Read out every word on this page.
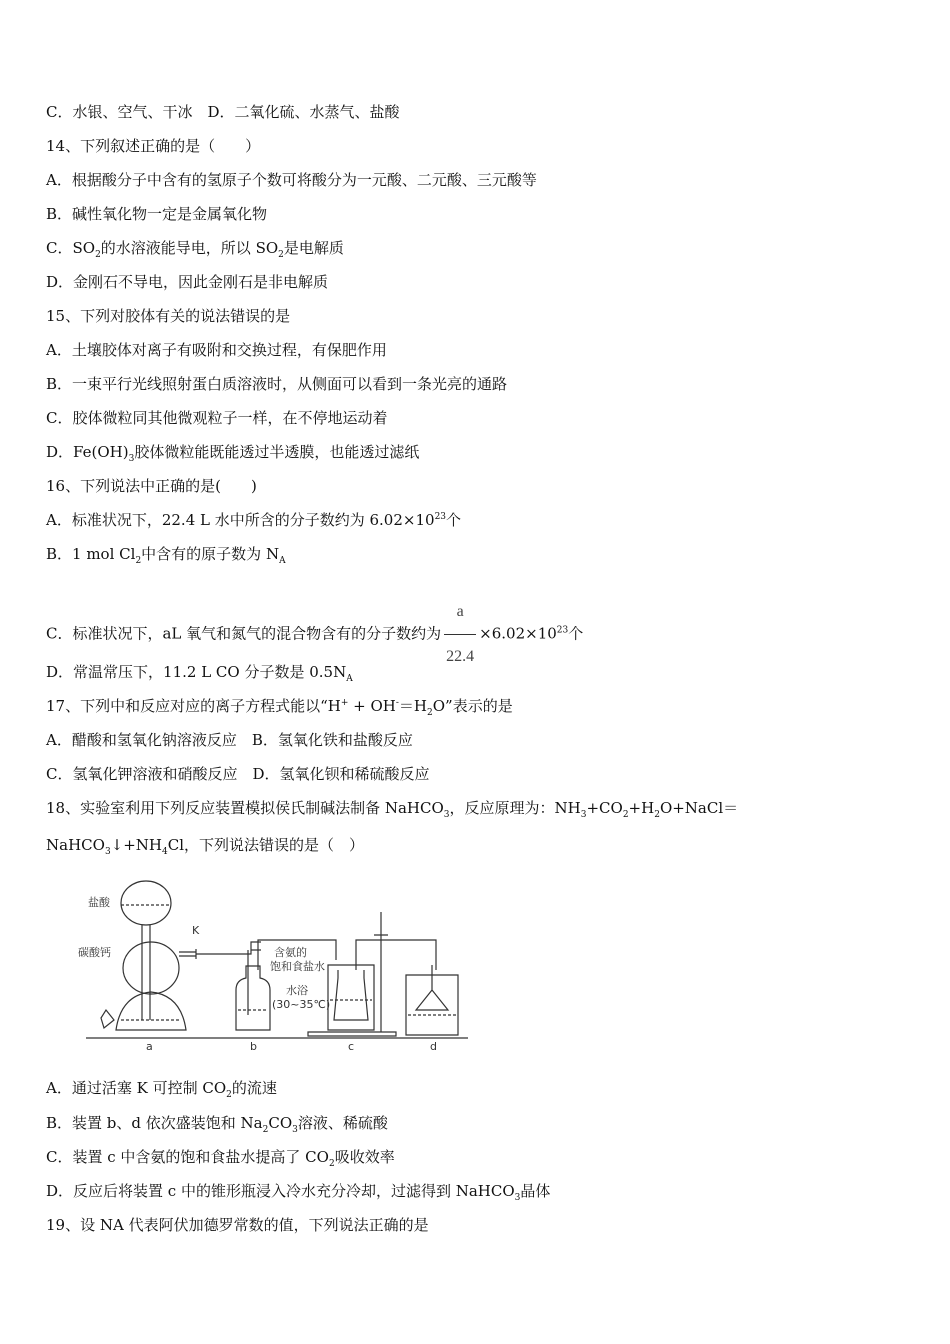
C．水银、空气、干冰　D．二氧化硫、水蒸气、盐酸
14、下列叙述正确的是（　　）
A．根据酸分子中含有的氢原子个数可将酸分为一元酸、二元酸、三元酸等
B．碱性氧化物一定是金属氧化物
C．$SO_2$的水溶液能导电，所以 $SO_2$是电解质
D．金刚石不导电，因此金刚石是非电解质
15、下列对胶体有关的说法错误的是
A．土壤胶体对离子有吸附和交换过程，有保肥作用
B．一束平行光线照射蛋白质溶液时，从侧面可以看到一条光亮的通路
C．胶体微粒同其他微观粒子一样，在不停地运动着
D．$Fe(OH)_3$胶体微粒能既能透过半透膜，也能透过滤纸
16、下列说法中正确的是(　　)
A．标准状况下，22.4 L 水中所含的分子数约为 $6.02\times 10^{23}$个
B．1 mol $Cl_2$中含有的原子数为 $N_A$
C．标准状况下，aL 氧气和氮气的混合物含有的分子数约为 $\frac{a}{22.4} \times 6.02\times 10^{23}$个
D．常温常压下，11.2 L CO 分子数是 $0.5N_A$
17、下列中和反应对应的离子方程式能以“$H^+ + OH^-=H_2O$”表示的是
A．醋酸和氢氧化钠溶液反应　B．氢氧化铁和盐酸反应
C．氢氧化钾溶液和硝酸反应　D．氢氧化钡和稀硫酸反应
18、实验室利用下列反应装置模拟侯氏制碱法制备 NaHCO$_3$，反应原理为：$NH_3+CO_2+H_2O+NaCl=$
$NaHCO_3↓+NH_4Cl$，下列说法错误的是（　）
盐酸
碳酸钙
K
含氨的
饱和食盐水
水浴
(30~35℃)
a	b	c	d
A．通过活塞 K 可控制 $CO_2$的流速
B．装置 b、d 依次盛装饱和 $Na_2CO_3$溶液、稀硫酸
C．装置 c 中含氨的饱和食盐水提高了 $CO_2$吸收效率
D．反应后将装置 c 中的锥形瓶浸入冷水充分冷却，过滤得到 NaHCO$_3$晶体
19、设 NA 代表阿伏加德罗常数的值，下列说法正确的是
